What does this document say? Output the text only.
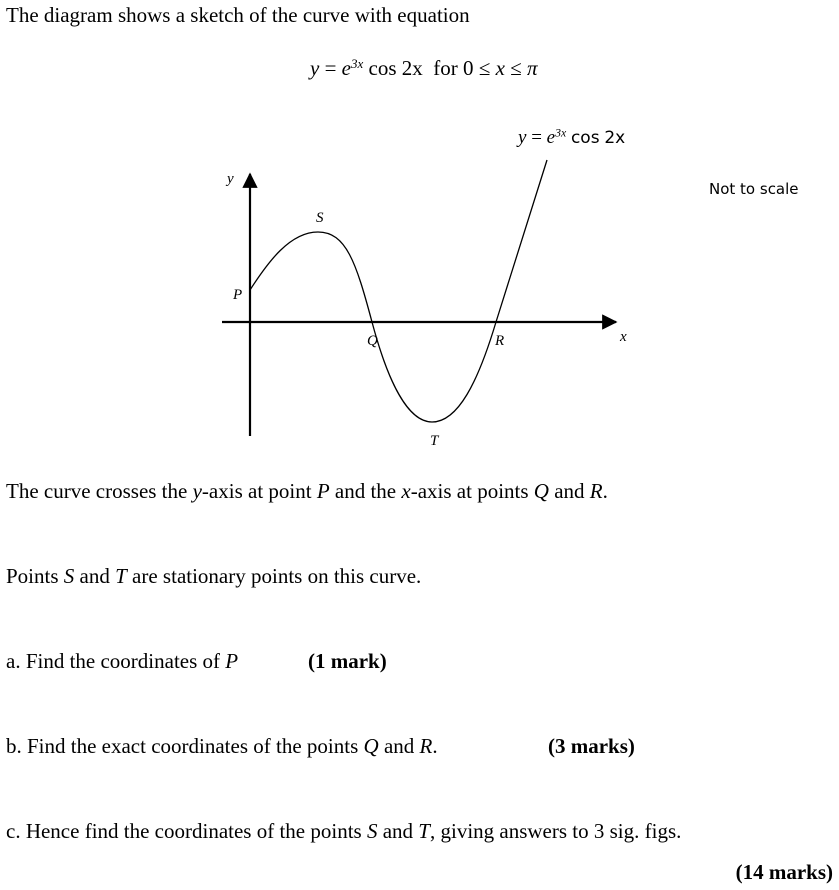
The diagram shows a sketch of the curve with equation
$y = e^{3x}$ cos 2x for 0 ≤ x ≤ π
$y = e^{3x}$ cos 2x
Not to scale
y
S
P
Q	R	x
T
The curve crosses the y-axis at point P and the x-axis at points Q and R.
Points S and T are stationary points on this curve.
a. Find the coordinates of P	(1 mark)
b. Find the exact coordinates of the points Q and R.	(3 marks)
c. Hence find the coordinates of the points S and T, giving answers to 3 sig. figs.
(14 marks)
